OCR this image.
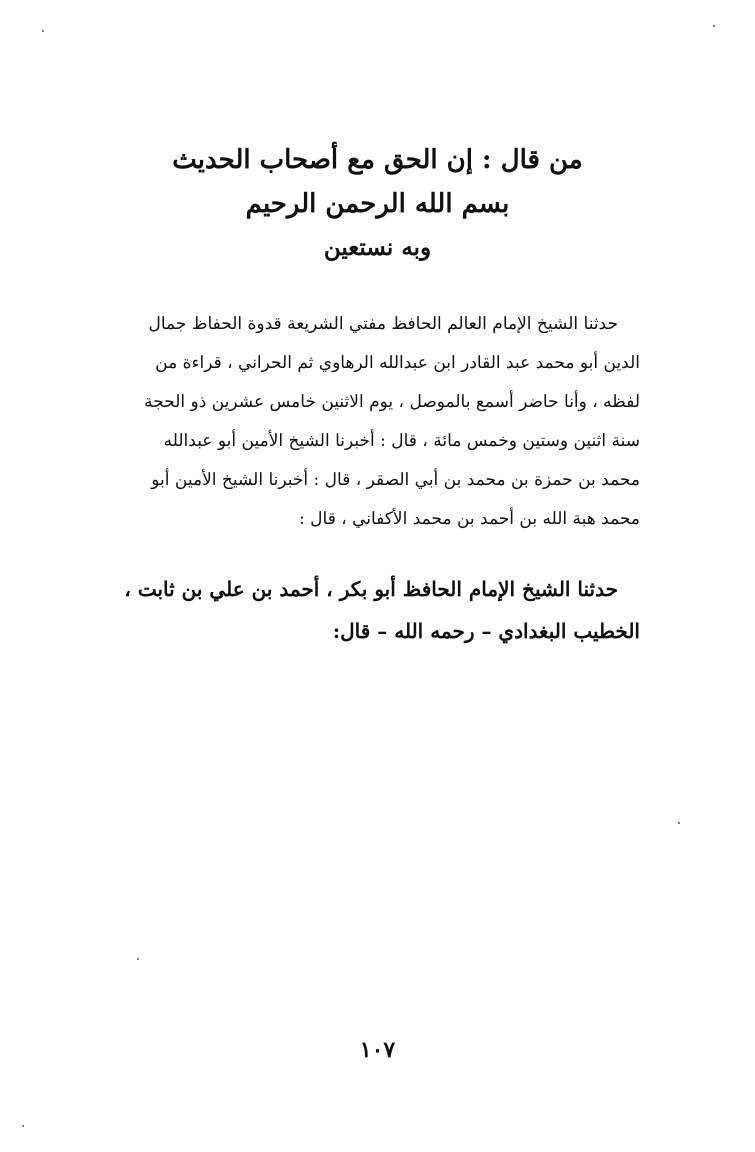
من قال : إن الحق مع أصحاب الحديث
بسم الله الرحمن الرحيم
وبه نستعين
حدثنا الشيخ الإمام العالم الحافظ مفتي الشريعة قدوة الحفاظ جمال
الدين أبو محمد عبد القادر ابن عبدالله الرهاوي ثم الحراني ، قراءة من
لفظه ، وأنا حاضر أسمع بالموصل ، يوم الاثنين خامس عشرين ذو الحجة
سنة اثنين وستين وخمس مائة ، قال : أخبرنا الشيخ الأمين أبو عبدالله
محمد بن حمزة بن محمد بن أبي الصقر ، قال : أخبرنا الشيخ الأمين أبو
محمد هبة الله بن أحمد بن محمد الأكفاني ، قال :
حدثنا الشيخ الإمام الحافظ أبو بكر ، أحمد بن علي بن ثابت ،
الخطيب البغدادي – رحمه الله – قال:
١٠٧
